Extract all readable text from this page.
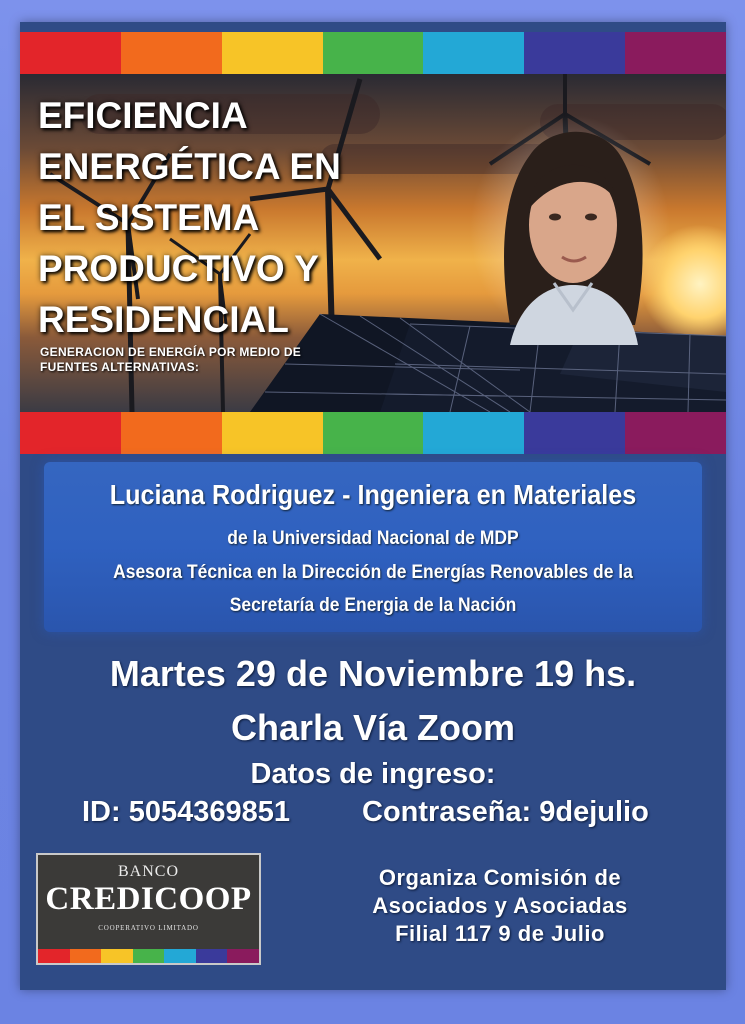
EFICIENCIA
ENERGÉTICA EN
EL SISTEMA
PRODUCTIVO Y
RESIDENCIAL

GENERACION DE ENERGÍA POR MEDIO DE
FUENTES ALTERNATIVAS:

Luciana Rodriguez - Ingeniera en Materiales

de la Universidad Nacional de MDP

Asesora Técnica en la Dirección de Energías Renovables de la

Secretaría de Energia de la Nación

Martes 29 de Noviembre 19 hs.

Charla Vía Zoom

Datos de ingreso:

ID: 5054369851 Contraseña: 9dejulio

BANCO
CREDICOOP
COOPERATIVO LIMITADO

Organiza Comisión de
Asociados y Asociadas
Filial 117 9 de Julio
